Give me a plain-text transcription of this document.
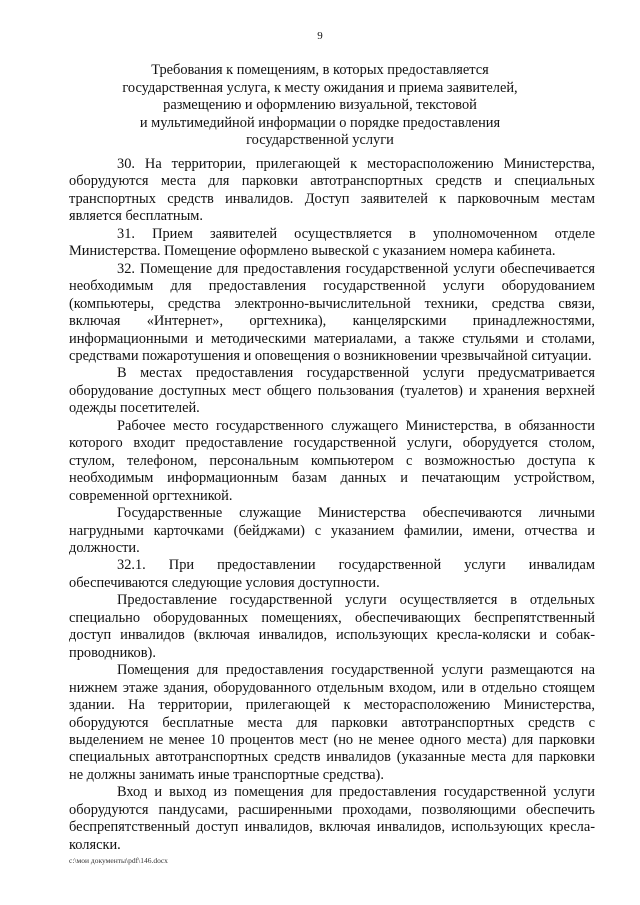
9
Требования к помещениям, в которых предоставляется
государственная услуга, к месту ожидания и приема заявителей,
размещению и оформлению визуальной, текстовой
и мультимедийной информации о порядке предоставления
государственной услуги

30. На территории, прилегающей к месторасположению Министерства, оборудуются места для парковки автотранспортных средств и специальных транспортных средств инвалидов. Доступ заявителей к парковочным местам является бесплатным.

31. Прием заявителей осуществляется в уполномоченном отделе Министерства. Помещение оформлено вывеской с указанием номера кабинета.

32. Помещение для предоставления государственной услуги обеспечивается необходимым для предоставления государственной услуги оборудованием (компьютеры, средства электронно-вычислительной техники, средства связи, включая «Интернет», оргтехника), канцелярскими принадлежностями, информационными и методическими материалами, а также стульями и столами, средствами пожаротушения и оповещения о возникновении чрезвычайной ситуации.

В местах предоставления государственной услуги предусматривается оборудование доступных мест общего пользования (туалетов) и хранения верхней одежды посетителей.

Рабочее место государственного служащего Министерства, в обязанности которого входит предоставление государственной услуги, оборудуется столом, стулом, телефоном, персональным компьютером с возможностью доступа к необходимым информационным базам данных и печатающим устройством, современной оргтехникой.

Государственные служащие Министерства обеспечиваются личными нагрудными карточками (бейджами) с указанием фамилии, имени, отчества и должности.

32.1. При предоставлении государственной услуги инвалидам обеспечиваются следующие условия доступности.

Предоставление государственной услуги осуществляется в отдельных специально оборудованных помещениях, обеспечивающих беспрепятственный доступ инвалидов (включая инвалидов, использующих кресла-коляски и собак-проводников).

Помещения для предоставления государственной услуги размещаются на нижнем этаже здания, оборудованного отдельным входом, или в отдельно стоящем здании. На территории, прилегающей к месторасположению Министерства, оборудуются бесплатные места для парковки автотранспортных средств с выделением не менее 10 процентов мест (но не менее одного места) для парковки специальных автотранспортных средств инвалидов (указанные места для парковки не должны занимать иные транспортные средства).

Вход и выход из помещения для предоставления государственной услуги оборудуются пандусами, расширенными проходами, позволяющими обеспечить беспрепятственный доступ инвалидов, включая инвалидов, использующих кресла-коляски.

c:\мои документы\pdf\146.docx
